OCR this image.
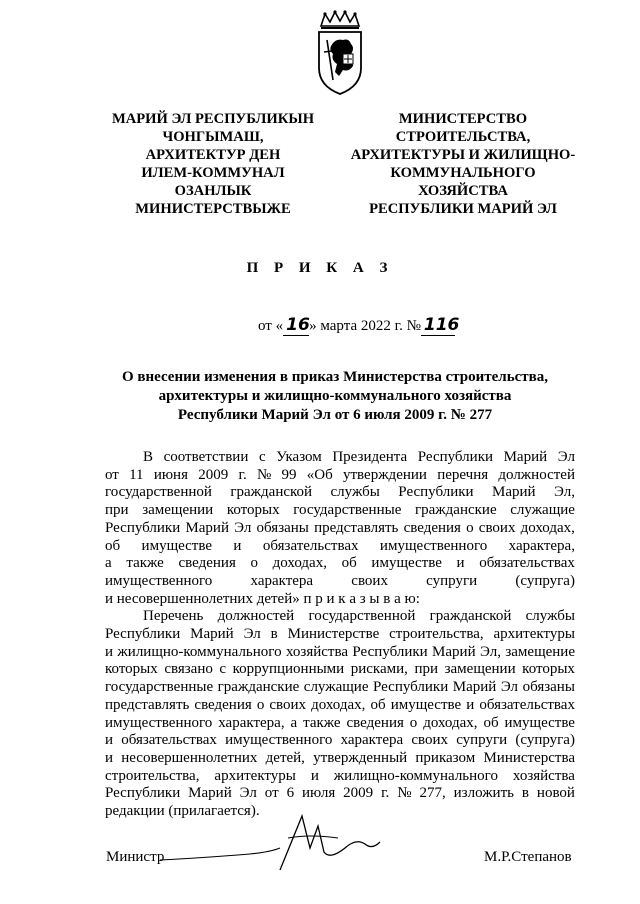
МАРИЙ ЭЛ РЕСПУБЛИКЫН
ЧОНГЫМАШ,
АРХИТЕКТУР ДЕН
ИЛЕМ-КОММУНАЛ
ОЗАНЛЫК
МИНИСТЕРСТВЫЖЕ
МИНИСТЕРСТВО
СТРОИТЕЛЬСТВА,
АРХИТЕКТУРЫ И ЖИЛИЩНО-
КОММУНАЛЬНОГО
ХОЗЯЙСТВА
РЕСПУБЛИКИ МАРИЙ ЭЛ
П Р И К А З
от « 16» марта 2022 г. № 116
О внесении изменения в приказ Министерства строительства,
архитектуры и жилищно-коммунального хозяйства
Республики Марий Эл от 6 июля 2009 г. № 277
В соответствии с Указом Президента Республики Марий Эл
от 11 июня 2009 г. № 99 «Об утверждении перечня должностей
государственной гражданской службы Республики Марий Эл,
при замещении которых государственные гражданские служащие
Республики Марий Эл обязаны представлять сведения о своих доходах,
об имуществе и обязательствах имущественного характера,
а также сведения о доходах, об имуществе и обязательствах
имущественного	характера	своих	супруги	(супруга)
и несовершеннолетних детей» п р и к а з ы в а ю:
Перечень должностей государственной гражданской службы
Республики Марий Эл в Министерстве строительства, архитектуры
и жилищно-коммунального хозяйства Республики Марий Эл, замещение
которых связано с коррупционными рисками, при замещении которых
государственные гражданские служащие Республики Марий Эл обязаны
представлять сведения о своих доходах, об имуществе и обязательствах
имущественного характера, а также сведения о доходах, об имуществе
и обязательствах имущественного характера своих супруги (супруга)
и несовершеннолетних детей, утвержденный приказом Министерства
строительства, архитектуры и жилищно-коммунального хозяйства
Республики Марий Эл от 6 июля 2009 г. № 277, изложить в новой
редакции (прилагается).
Министр	М.Р.Степанов
